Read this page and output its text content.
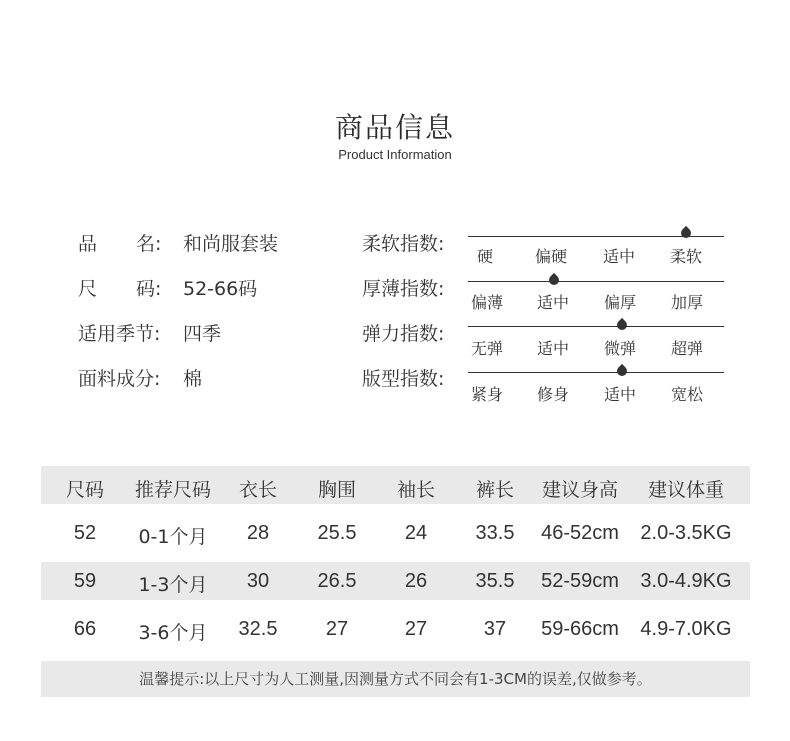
商品信息
Product Information
品 名: 和尚服套装
尺 码: 52-66码
适用季节: 四季
面料成分: 棉
柔软指数:
硬	偏硬 适中 柔软
厚薄指数:
偏薄 适中 偏厚 加厚
弹力指数:
无弹 适中 微弹 超弹
版型指数:
紧身 修身 适中 宽松
尺码	推荐尺码	衣长	胸围	袖长	裤长	建议身高	建议体重
52	0-1个月	28	25.5	24	33.5	46-52cm	2.0-3.5KG
59	1-3个月	30	26.5	26	35.5	52-59cm	3.0-4.9KG
66	3-6个月	32.5	27	27	37	59-66cm	4.9-7.0KG
温馨提示:以上尺寸为人工测量,因测量方式不同会有1-3CM的误差,仅做参考。
